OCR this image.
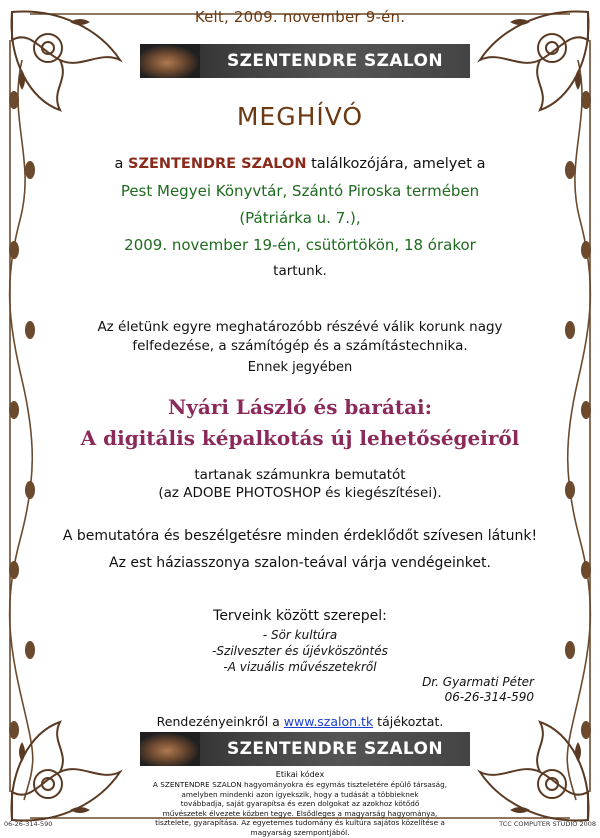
Kelt, 2009. november 9-én.
SZENTENDRE SZALON
MEGHÍVÓ
a SZENTENDRE SZALON találkozójára, amelyet a
Pest Megyei Könyvtár, Szántó Piroska termében
(Pátriárka u. 7.),
2009. november 19-én, csütörtökön, 18 órakor
tartunk.
Az életünk egyre meghatározóbb részévé válik korunk nagy
felfedezése, a számítógép és a számítástechnika.
Ennek jegyében
Nyári László és barátai:
A digitális képalkotás új lehetőségeiről
tartanak számunkra bemutatót
(az ADOBE PHOTOSHOP és kiegészítései).
A bemutatóra és beszélgetésre minden érdeklődőt szívesen látunk!
Az est háziasszonya szalon-teával várja vendégeinket.
Terveink között szerepel:
- Sör kultúra
-Szilveszter és újévköszöntés
-A vizuális művészetekről
Dr. Gyarmati Péter
06-26-314-590
Rendezényeinkről a www.szalon.tk tájékoztat.
SZENTENDRE SZALON
Etikai kódex
A SZENTENDRE SZALON hagyományokra és egymás tiszteletére épülő társaság,
amelyben mindenki azon igyekszik, hogy a tudását a többieknek
továbbadja, saját gyarapítsa és ezen dolgokat az azokhoz kötődő
művészetek élvezete közben tegye. Elsődleges a magyarság hagyománya,
tisztelete, gyarapítása. Az egyetemes tudomány és kultúra sajátos közelítése a magyarság szempontjából.
06-26-314-590	TCC COMPUTER STUDIO 2008
